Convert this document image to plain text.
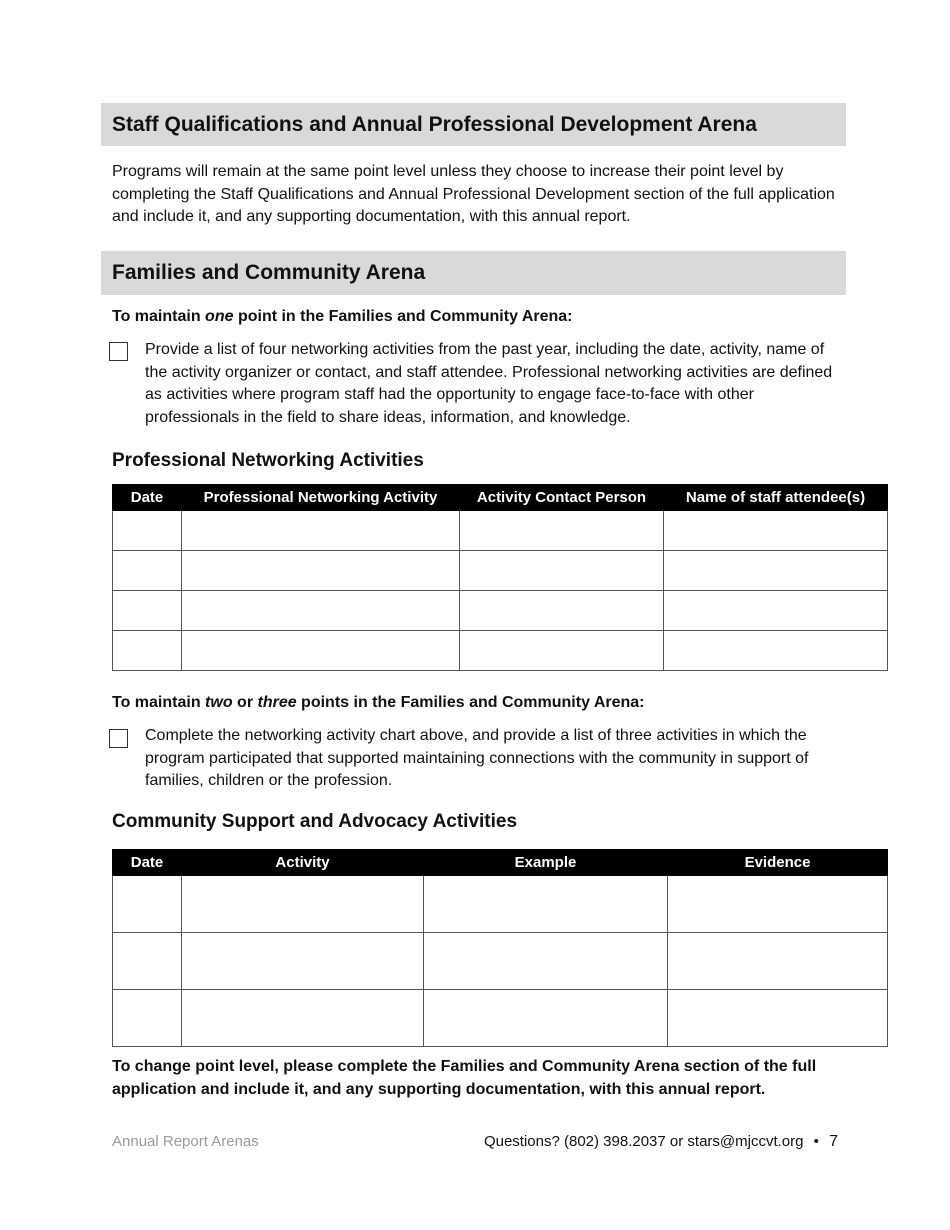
Staff Qualifications and Annual Professional Development Arena

Programs will remain at the same point level unless they choose to increase their point level by completing the Staff Qualifications and Annual Professional Development section of the full application and include it, and any supporting documentation, with this annual report.

Families and Community Arena

To maintain one point in the Families and Community Arena:

Provide a list of four networking activities from the past year, including the date, activity, name of the activity organizer or contact, and staff attendee. Professional networking activities are defined as activities where program staff had the opportunity to engage face-to-face with other professionals in the field to share ideas, information, and knowledge.

Professional Networking Activities

Date	Professional Networking Activity	Activity Contact Person	Name of staff attendee(s)

To maintain two or three points in the Families and Community Arena:

Complete the networking activity chart above, and provide a list of three activities in which the program participated that supported maintaining connections with the community in support of families, children or the profession.

Community Support and Advocacy Activities

Date	Activity	Example	Evidence

To change point level, please complete the Families and Community Arena section of the full application and include it, and any supporting documentation, with this annual report.

Annual Report Arenas	Questions? (802) 398.2037 or stars@mjccvt.org • 7
